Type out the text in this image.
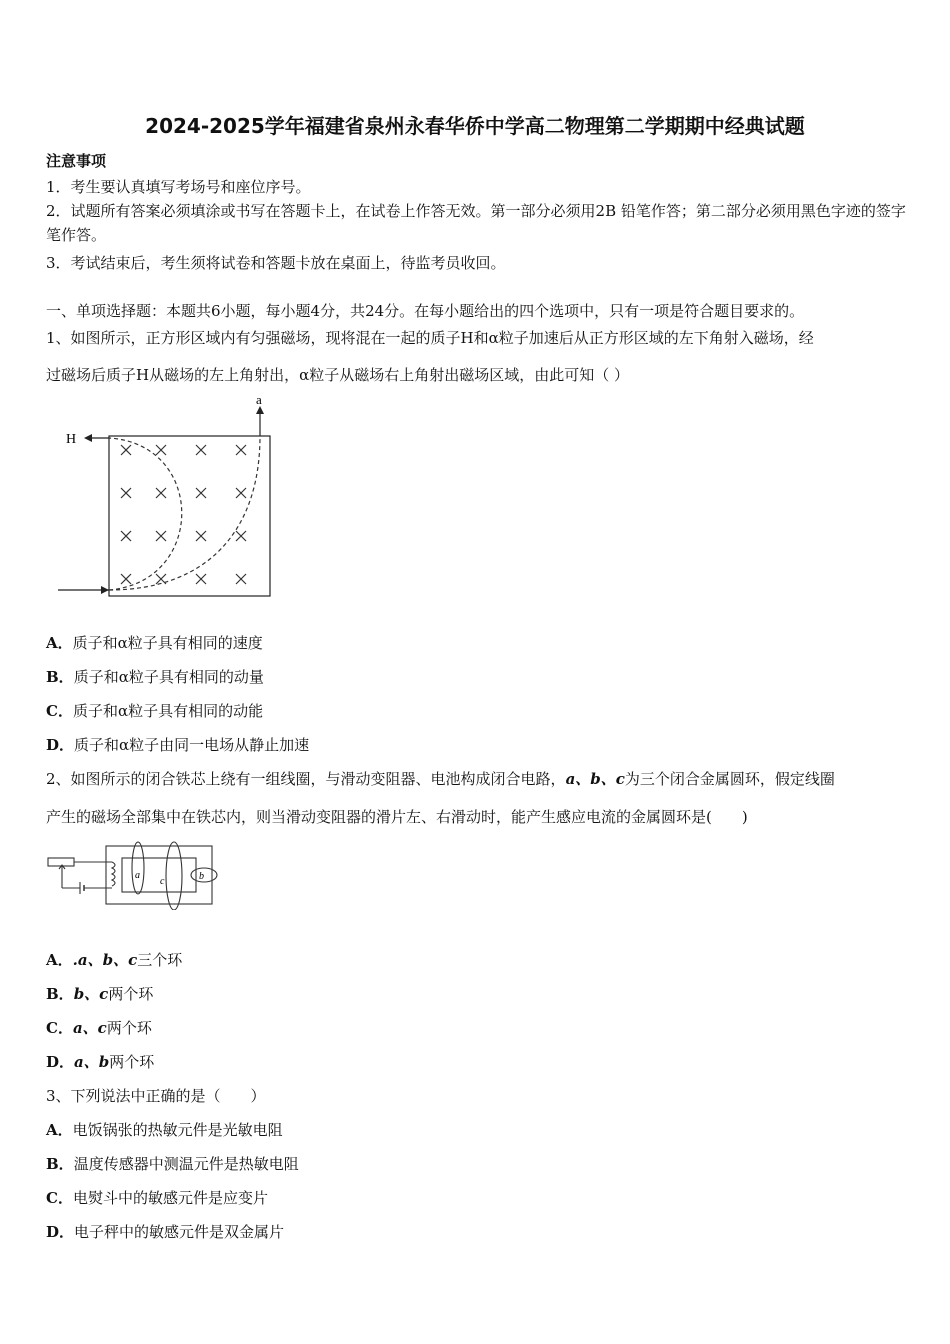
2024-2025学年福建省泉州永春华侨中学高二物理第二学期期中经典试题
注意事项
1．考生要认真填写考场号和座位序号。
2．试题所有答案必须填涂或书写在答题卡上，在试卷上作答无效。第一部分必须用2B 铅笔作答；第二部分必须用黑色字迹的签字笔作答。
3．考试结束后，考生须将试卷和答题卡放在桌面上，待监考员收回。
一、单项选择题：本题共6小题，每小题4分，共24分。在每小题给出的四个选项中，只有一项是符合题目要求的。
1、如图所示，正方形区域内有匀强磁场，现将混在一起的质子H和α粒子加速后从正方形区域的左下角射入磁场，经
过磁场后质子H从磁场的左上角射出，α粒子从磁场右上角射出磁场区域，由此可知（ ）
H
a
A．质子和α粒子具有相同的速度
B．质子和α粒子具有相同的动量
C．质子和α粒子具有相同的动能
D．质子和α粒子由同一电场从静止加速
2、如图所示的闭合铁芯上绕有一组线圈，与滑动变阻器、电池构成闭合电路，a、b、c为三个闭合金属圆环，假定线圈
产生的磁场全部集中在铁芯内，则当滑动变阻器的滑片左、右滑动时，能产生感应电流的金属圆环是(　　)
a
c	b
A．.a、b、c三个环
B．b、c两个环
C．a、c两个环
D．a、b两个环
3、下列说法中正确的是（　　）
A．电饭锅张的热敏元件是光敏电阻
B．温度传感器中测温元件是热敏电阻
C．电熨斗中的敏感元件是应变片
D．电子秤中的敏感元件是双金属片
